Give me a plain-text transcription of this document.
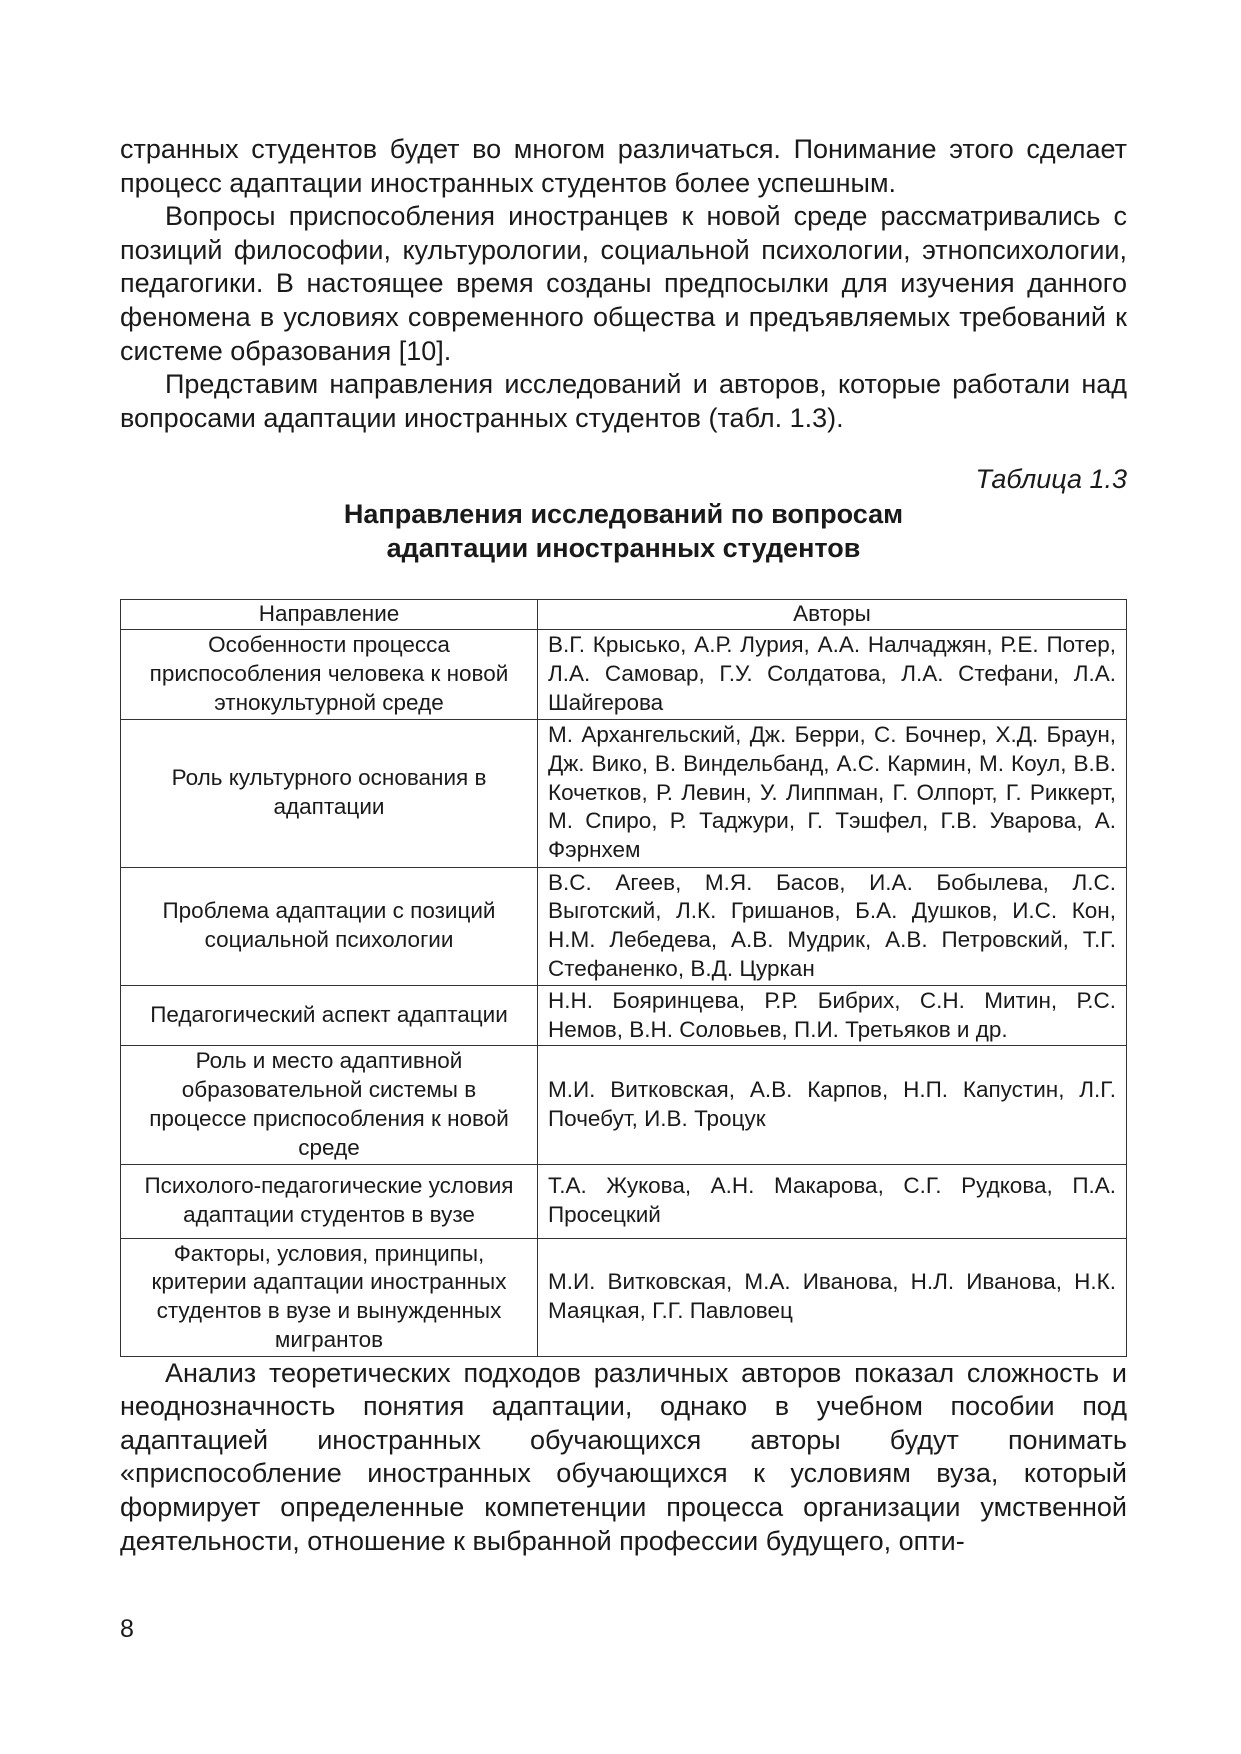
странных студентов будет во многом различаться. Понимание этого сделает процесс адаптации иностранных студентов более успешным.

Вопросы приспособления иностранцев к новой среде рассматривались с позиций философии, культурологии, социальной психологии, этнопсихологии, педагогики. В настоящее время созданы предпосылки для изучения данного феномена в условиях современного общества и предъявляемых требований к системе образования [10].

Представим направления исследований и авторов, которые работали над вопросами адаптации иностранных студентов (табл. 1.3).

Таблица 1.3
Направления исследований по вопросам
адаптации иностранных студентов
Направление	Авторы
Особенности процесса приспособления человека к новой этнокультурной среде	В.Г. Крысько, А.Р. Лурия, А.А. Налчаджян, Р.Е. Потер, Л.А. Самовар, Г.У. Солдатова, Л.А. Стефани, Л.А. Шайгерова
Роль культурного основания в адаптации	М. Архангельский, Дж. Берри, С. Бочнер, Х.Д. Браун, Дж. Вико, В. Виндельбанд, А.С. Кармин, М. Коул, В.В. Кочетков, Р. Левин, У. Липпман, Г. Олпорт, Г. Риккерт, М. Спиро, Р. Таджури, Г. Тэшфел, Г.В. Уварова, А. Фэрнхем
Проблема адаптации с позиций социальной психологии	В.С. Агеев, М.Я. Басов, И.А. Бобылева, Л.С. Выготский, Л.К. Гришанов, Б.А. Душков, И.С. Кон, Н.М. Лебедева, А.В. Мудрик, А.В. Петровский, Т.Г. Стефаненко, В.Д. Цуркан
Педагогический аспект адаптации	Н.Н. Бояринцева, Р.Р. Бибрих, С.Н. Митин, Р.С. Немов, В.Н. Соловьев, П.И. Третьяков и др.
Роль и место адаптивной образовательной системы в процессе приспособления к новой среде	М.И. Витковская, А.В. Карпов, Н.П. Капустин, Л.Г. Почебут, И.В. Троцук
Психолого-педагогические условия адаптации студентов в вузе	Т.А. Жукова, А.Н. Макарова, С.Г. Рудкова, П.А. Просецкий
Факторы, условия, принципы, критерии адаптации иностранных студентов в вузе и вынужденных мигрантов	М.И. Витковская, М.А. Иванова, Н.Л. Иванова, Н.К. Маяцкая, Г.Г. Павловец

Анализ теоретических подходов различных авторов показал сложность и неоднозначность понятия адаптации, однако в учебном пособии под адаптацией иностранных обучающихся авторы будут понимать «приспособление иностранных обучающихся к условиям вуза, который формирует определенные компетенции процесса организации умственной деятельности, отношение к выбранной профессии будущего, опти-

8
